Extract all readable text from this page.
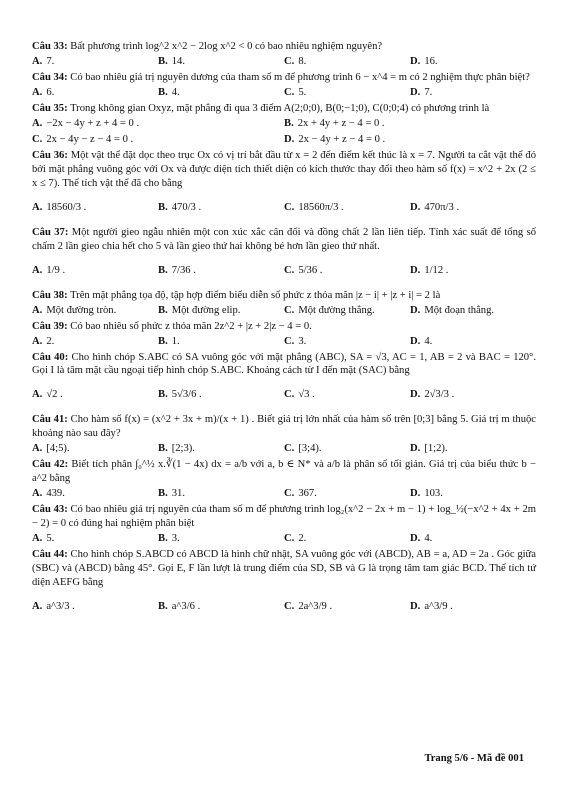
Câu 33: Bất phương trình log^2 x^2 − 2log x^2 < 0 có bao nhiêu nghiệm nguyên?
A. 7.	B. 14.	C. 8.	D. 16.
Câu 34: Có bao nhiêu giá trị nguyên dương của tham số m để phương trình 6 − x^4 = m có 2 nghiệm thực phân biệt?
A. 6.	B. 4.	C. 5.	D. 7.
Câu 35: Trong không gian Oxyz, mặt phẳng đi qua 3 điểm A(2;0;0), B(0;−1;0), C(0;0;4) có phương trình là
A. −2x − 4y + z + 4 = 0 .	B. 2x + 4y + z − 4 = 0 .
C. 2x − 4y − z − 4 = 0 .	D. 2x − 4y + z − 4 = 0 .
Câu 36: Một vật thể đặt dọc theo trục Ox có vị trí bắt đầu từ x = 2 đến điểm kết thúc là x = 7. Người ta cắt vật thể đó bởi mặt phẳng vuông góc với Ox và được diện tích thiết diện có kích thước thay đổi theo hàm số f(x) = x^2 + 2x (2 ≤ x ≤ 7). Thể tích vật thể đã cho bằng
A. 18560/3 .	B. 470/3 .	C. 18560π/3 .	D. 470π/3 .
Câu 37: Một người gieo ngẫu nhiên một con xúc xắc cân đối và đồng chất 2 lần liên tiếp. Tính xác suất để tổng số chấm 2 lần gieo chia hết cho 5 và lần gieo thứ hai không bé hơn lần gieo thứ nhất.
A. 1/9 .	B. 7/36 .	C. 5/36 .	D. 1/12 .
Câu 38: Trên mặt phẳng tọa độ, tập hợp điểm biểu diễn số phức z thỏa mãn |z − i| + |z + i| = 2 là
A. Một đường tròn.	B. Một đường elip.	C. Một đường thẳng.	D. Một đoạn thẳng.
Câu 39: Có bao nhiêu số phức z thỏa mãn 2z^2 + |z + 2|z − 4 = 0.
A. 2.	B. 1.	C. 3.	D. 4.
Câu 40: Cho hình chóp S.ABC có SA vuông góc với mặt phẳng (ABC), SA = √3, AC = 1, AB = 2 và BAC = 120°. Gọi I là tâm mặt cầu ngoại tiếp hình chóp S.ABC. Khoảng cách từ I đến mặt (SAC) bằng
A. √2 .	B. 5√3/6 .	C. √3 .	D. 2√3/3 .
Câu 41: Cho hàm số f(x) = (x^2 + 3x + m)/(x + 1) . Biết giá trị lớn nhất của hàm số trên [0;3] bằng 5. Giá trị m thuộc khoảng nào sau đây?
A. [4;5).	B. [2;3).	C. [3;4).	D. [1;2).
Câu 42: Biết tích phân ∫₀^½ x.∛(1 − 4x) dx = a/b với a, b ∈ N* và a/b là phân số tối giản. Giá trị của biểu thức b − a^2 bằng
A. 439.	B. 31.	C. 367.	D. 103.
Câu 43: Có bao nhiêu giá trị nguyên của tham số m để phương trình log₂(x^2 − 2x + m − 1) + log_½(−x^2 + 4x + 2m − 2) = 0 có đúng hai nghiệm phân biệt
A. 5.	B. 3.	C. 2.	D. 4.
Câu 44: Cho hình chóp S.ABCD có ABCD là hình chữ nhật, SA vuông góc với (ABCD), AB = a, AD = 2a . Góc giữa (SBC) và (ABCD) bằng 45°. Gọi E, F lần lượt là trung điểm của SD, SB và G là trọng tâm tam giác BCD. Thể tích tứ diện AEFG bằng
A. a^3/3 .	B. a^3/6 .	C. 2a^3/9 .	D. a^3/9 .
Trang 5/6 - Mã đề 001
